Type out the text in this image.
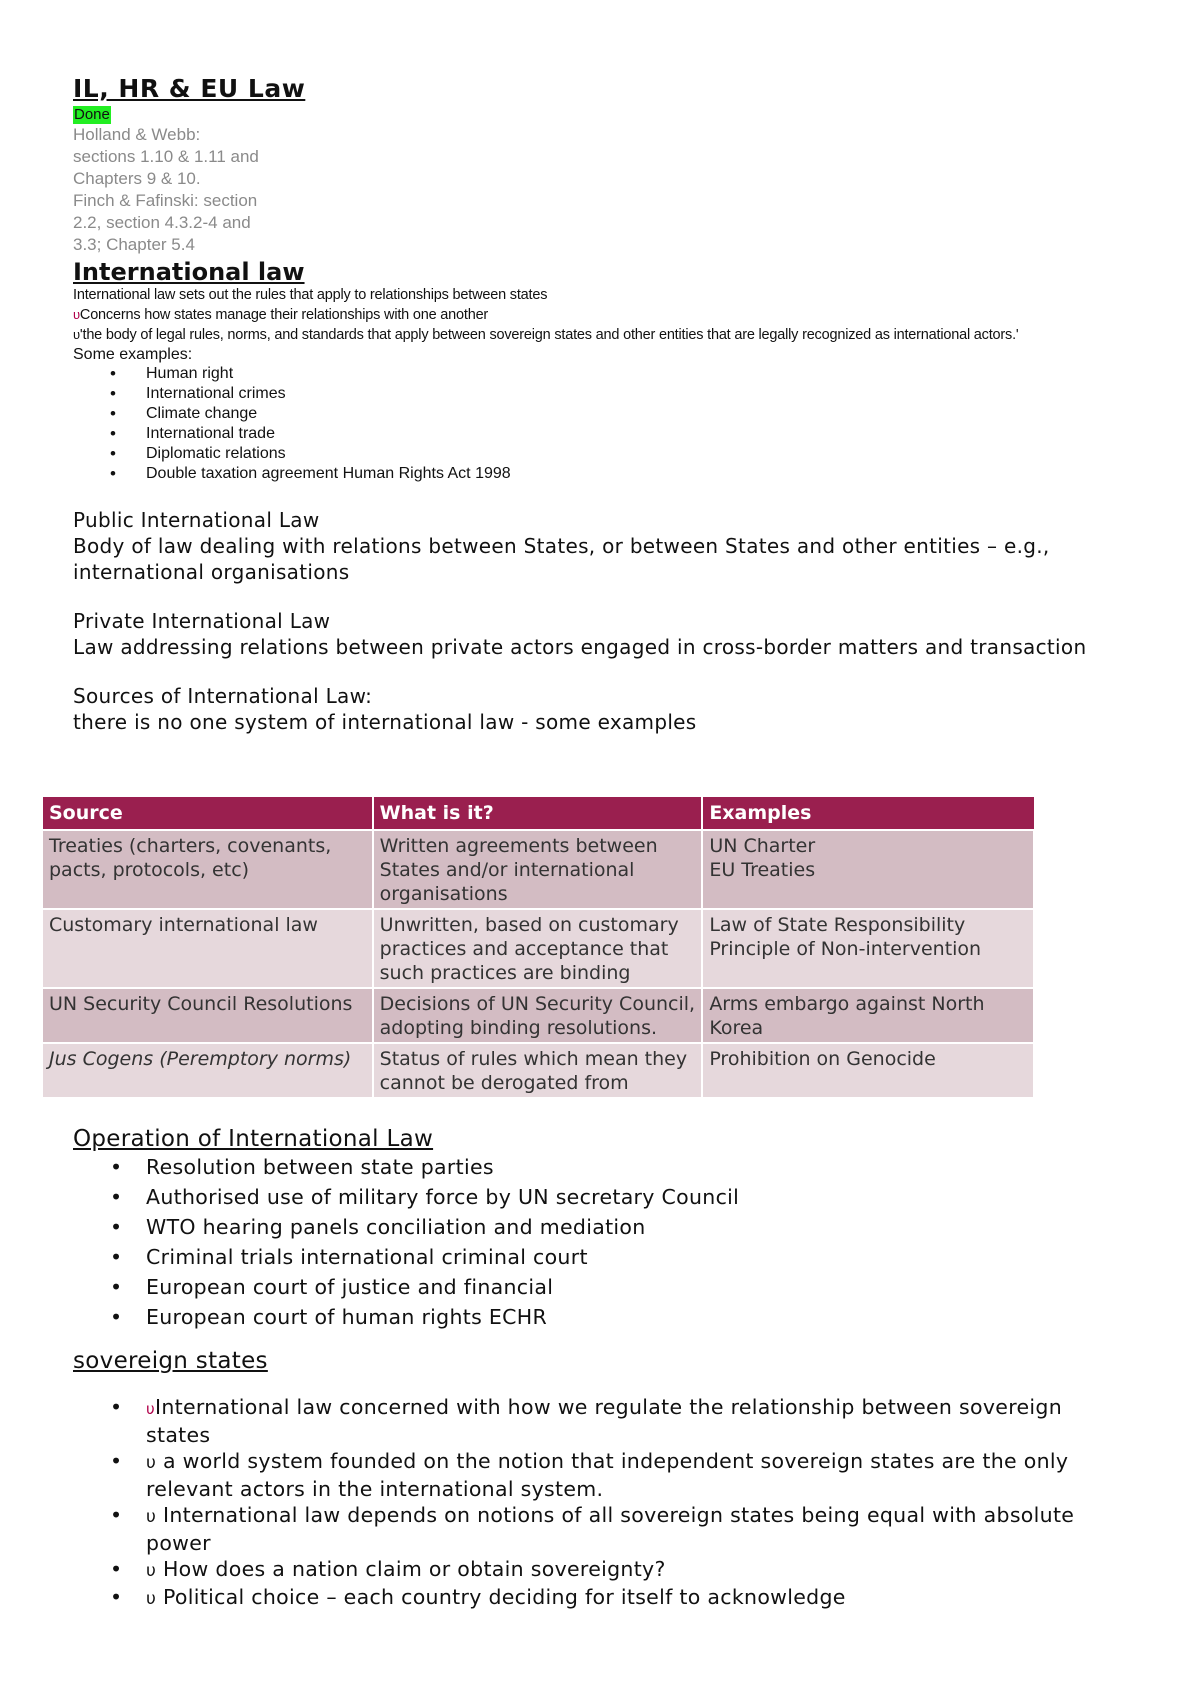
IL, HR & EU Law
Done
Holland & Webb:
sections 1.10 & 1.11 and
Chapters 9 & 10.
Finch & Fafinski: section
2.2, section 4.3.2-4 and
3.3; Chapter 5.4
International law
International law sets out the rules that apply to relationships between states
υConcerns how states manage their relationships with one another
υ'the body of legal rules, norms, and standards that apply between sovereign states and other entities that are legally recognized as international actors.'
Some examples:
• Human right
• International crimes
• Climate change
• International trade
• Diplomatic relations
• Double taxation agreement Human Rights Act 1998
Public International Law
Body of law dealing with relations between States, or between States and other entities – e.g., international organisations
Private International Law
Law addressing relations between private actors engaged in cross-border matters and transaction
Sources of International Law:
there is no one system of international law - some examples
Source	What is it?	Examples
Treaties (charters, covenants, pacts, protocols, etc)	Written agreements between States and/or international organisations	UN Charter
EU Treaties
Customary international law	Unwritten, based on customary practices and acceptance that such practices are binding	Law of State Responsibility
Principle of Non-intervention
UN Security Council Resolutions	Decisions of UN Security Council, adopting binding resolutions.	Arms embargo against North Korea
Jus Cogens (Peremptory norms)	Status of rules which mean they cannot be derogated from	Prohibition on Genocide
Operation of International Law
• Resolution between state parties
• Authorised use of military force by UN secretary Council
• WTO hearing panels conciliation and mediation
• Criminal trials international criminal court
• European court of justice and financial
• European court of human rights ECHR
sovereign states
• υInternational law concerned with how we regulate the relationship between sovereign states
• υ a world system founded on the notion that independent sovereign states are the only relevant actors in the international system.
• υ International law depends on notions of all sovereign states being equal with absolute power
• υ How does a nation claim or obtain sovereignty?
• υ Political choice – each country deciding for itself to acknowledge
